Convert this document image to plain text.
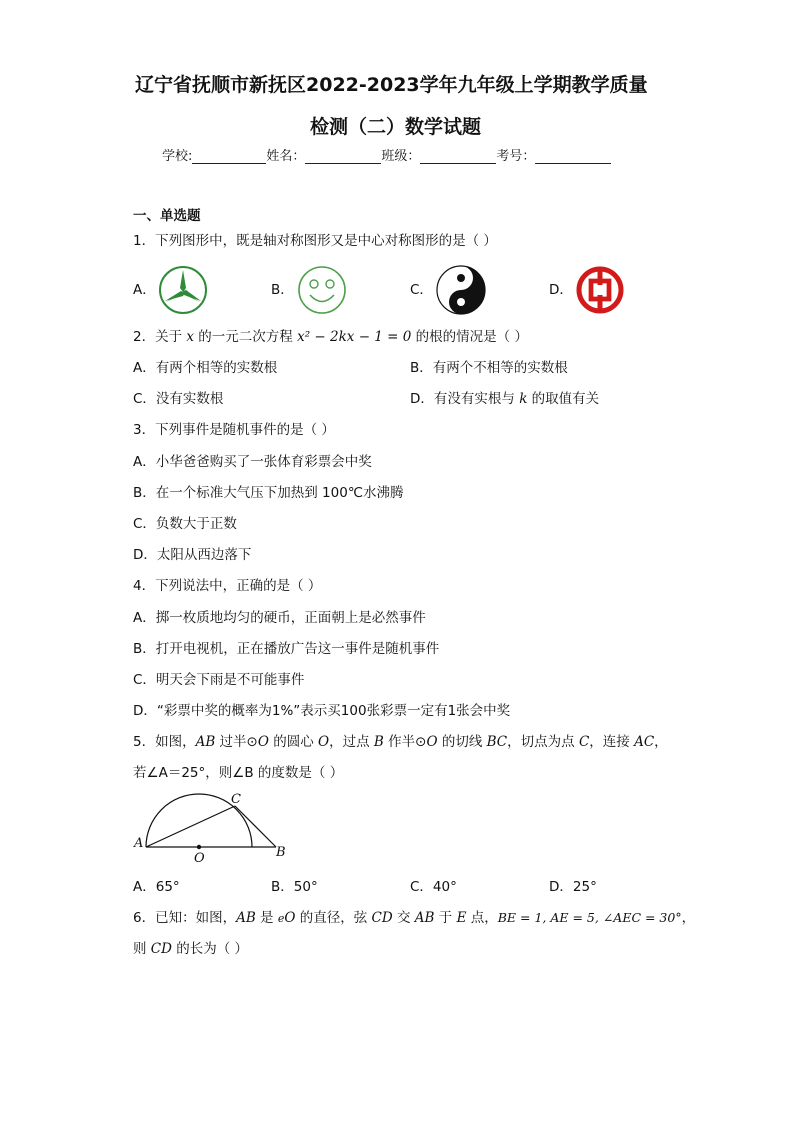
辽宁省抚顺市新抚区2022-2023学年九年级上学期教学质量
检测（二）数学试题
学校:	姓名：	班级：	考号：
一、单选题
1．下列图形中，既是轴对称图形又是中心对称图形的是（ ）
A．	B．	C．	D．
2．关于 x 的一元二次方程 x² − 2kx − 1 = 0 的根的情况是（ ）
A．有两个相等的实数根	B．有两个不相等的实数根
C．没有实数根	D．有没有实根与 k 的取值有关
3．下列事件是随机事件的是（ ）
A．小华爸爸购买了一张体育彩票会中奖
B．在一个标准大气压下加热到 100℃水沸腾
C．负数大于正数
D．太阳从西边落下
4．下列说法中，正确的是（ ）
A．掷一枚质地均匀的硬币，正面朝上是必然事件
B．打开电视机，正在播放广告这一事件是随机事件
C．明天会下雨是不可能事件
D．“彩票中奖的概率为1%”表示买100张彩票一定有1张会中奖
5．如图，AB 过半⊙O 的圆心 O，过点 B 作半⊙O 的切线 BC，切点为点 C，连接 AC，
若∠A＝25°，则∠B 的度数是（ ）
A
O	B
C
A．65°	B．50°	C．40°	D．25°
6．已知：如图，AB 是 eO 的直径，弦 CD 交 AB 于 E 点，BE = 1, AE = 5, ∠AEC = 30°，
则 CD 的长为（ ）
